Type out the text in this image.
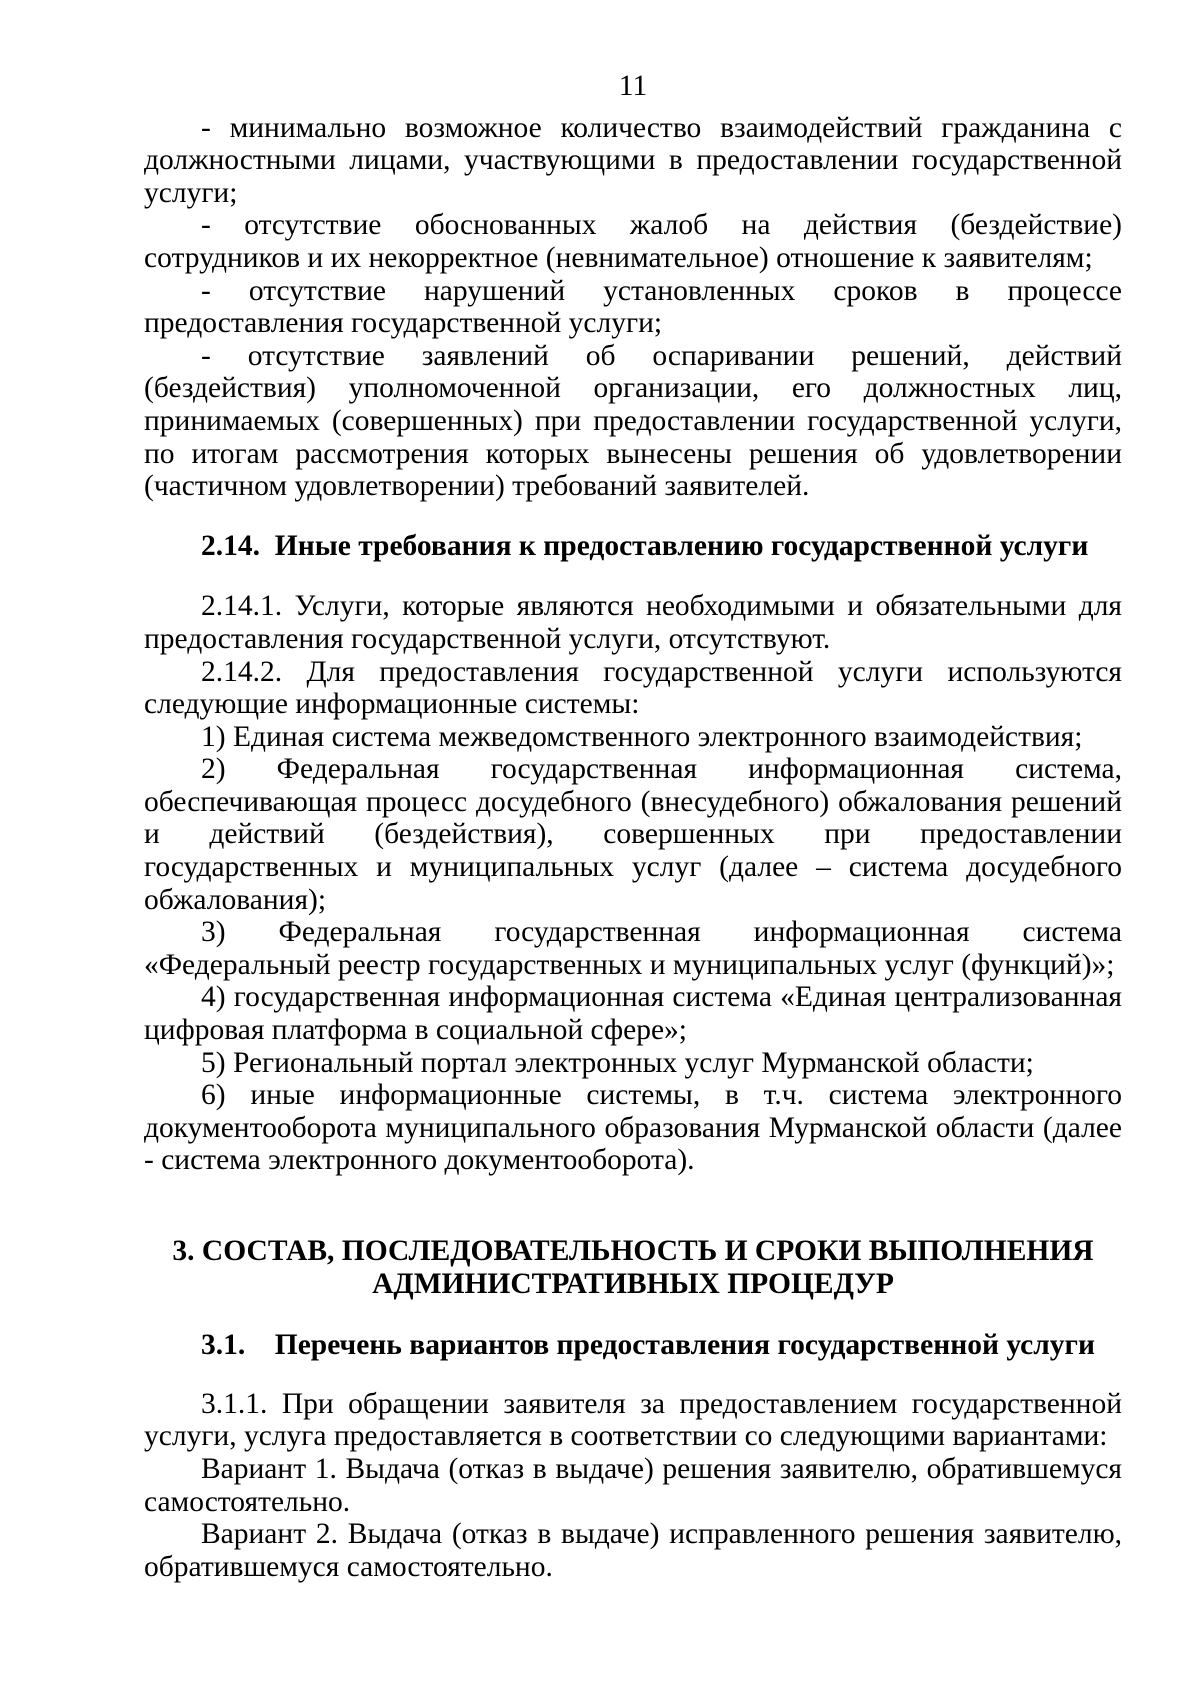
11

- минимально возможное количество взаимодействий гражданина с должностными лицами, участвующими в предоставлении государственной услуги;

- отсутствие обоснованных жалоб на действия (бездействие) сотрудников и их некорректное (невнимательное) отношение к заявителям;

- отсутствие нарушений установленных сроков в процессе предоставления государственной услуги;

- отсутствие заявлений об оспаривании решений, действий (бездействия) уполномоченной организации, его должностных лиц, принимаемых (совершенных) при предоставлении государственной услуги, по итогам рассмотрения которых вынесены решения об удовлетворении (частичном удовлетворении) требований заявителей.

2.14. Иные требования к предоставлению государственной услуги

2.14.1. Услуги, которые являются необходимыми и обязательными для предоставления государственной услуги, отсутствуют.

2.14.2. Для предоставления государственной услуги используются следующие информационные системы:

1) Единая система межведомственного электронного взаимодействия;

2) Федеральная государственная информационная система, обеспечивающая процесс досудебного (внесудебного) обжалования решений и действий (бездействия), совершенных при предоставлении государственных и муниципальных услуг (далее – система досудебного обжалования);

3) Федеральная государственная информационная система «Федеральный реестр государственных и муниципальных услуг (функций)»;

4) государственная информационная система «Единая централизованная цифровая платформа в социальной сфере»;

5) Региональный портал электронных услуг Мурманской области;

6) иные информационные системы, в т.ч. система электронного документооборота муниципального образования Мурманской области (далее - система электронного документооборота).

3. СОСТАВ, ПОСЛЕДОВАТЕЛЬНОСТЬ И СРОКИ ВЫПОЛНЕНИЯ
АДМИНИСТРАТИВНЫХ ПРОЦЕДУР
3.1. Перечень вариантов предоставления государственной услуги

3.1.1. При обращении заявителя за предоставлением государственной услуги, услуга предоставляется в соответствии со следующими вариантами:

Вариант 1. Выдача (отказ в выдаче) решения заявителю, обратившемуся самостоятельно.

Вариант 2. Выдача (отказ в выдаче) исправленного решения заявителю, обратившемуся самостоятельно.
